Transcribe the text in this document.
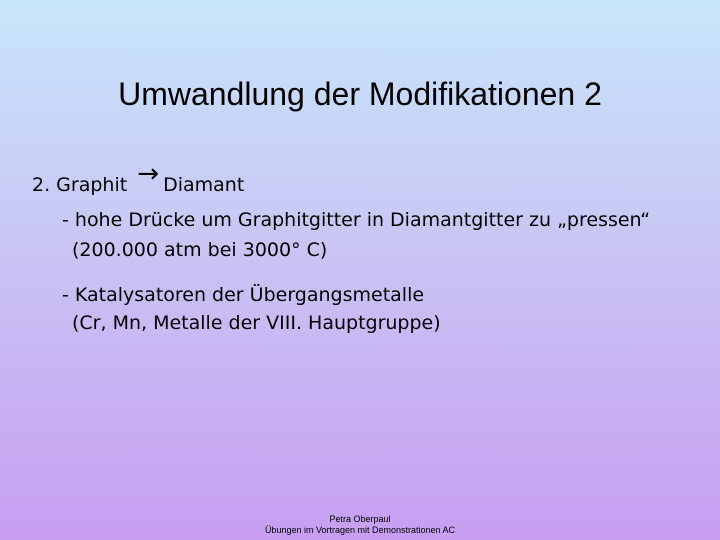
Umwandlung der Modifikationen 2
2. Graphit → Diamant
- hohe Drücke um Graphitgitter in Diamantgitter zu „pressen“
(200.000 atm bei 3000° C)
- Katalysatoren der Übergangsmetalle
(Cr, Mn, Metalle der VIII. Hauptgruppe)
Petra Oberpaul
Übungen im Vortragen mit Demonstrationen AC
